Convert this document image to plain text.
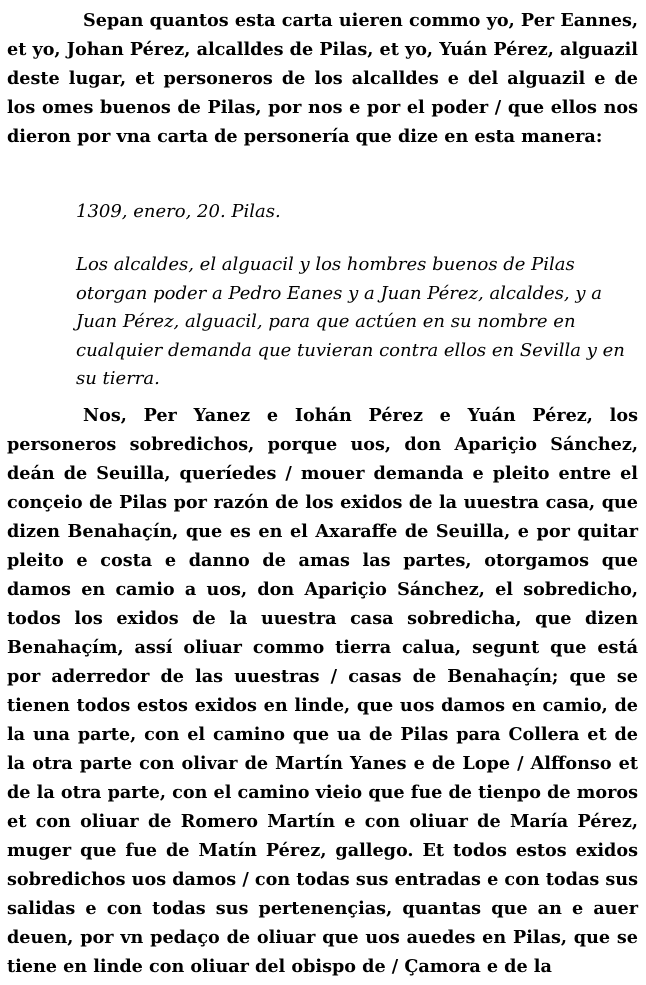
Sepan quantos esta carta uieren commo yo, Per Eannes, et yo, Johan Pérez, alcalldes de Pilas, et yo, Yuán Pérez, alguazil deste lugar, et personeros de los alcalldes e del alguazil e de los omes buenos de Pilas, por nos e por el poder / que ellos nos dieron por vna carta de personería que dize en esta manera:

1309, enero, 20. Pilas.

Los alcaldes, el alguacil y los hombres buenos de Pilas otorgan poder a Pedro Eanes y a Juan Pérez, alcaldes, y a Juan Pérez, alguacil, para que actúen en su nombre en cualquier demanda que tuvieran contra ellos en Sevilla y en su tierra.

Nos, Per Yanez e Iohán Pérez e Yuán Pérez, los personeros sobredichos, porque uos, don Apariçio Sánchez, deán de Seuilla, queríedes / mouer demanda e pleito entre el conçeio de Pilas por razón de los exidos de la uuestra casa, que dizen Benahaçín, que es en el Axaraffe de Seuilla, e por quitar pleito e costa e danno de amas las partes, otorgamos que damos en camio a uos, don Apariçio Sánchez, el sobredicho, todos los exidos de la uuestra casa sobredicha, que dizen Benahaçím, assí oliuar commo tierra calua, segunt que está por aderredor de las uuestras / casas de Benahaçín; que se tienen todos estos exidos en linde, que uos damos en camio, de la una parte, con el camino que ua de Pilas para Collera et de la otra parte con olivar de Martín Yanes e de Lope / Alffonso et de la otra parte, con el camino vieio que fue de tienpo de moros et con oliuar de Romero Martín e con oliuar de María Pérez, muger que fue de Matín Pérez, gallego. Et todos estos exidos sobredichos uos damos / con todas sus entradas e con todas sus salidas e con todas sus pertenençias, quantas que an e auer deuen, por vn pedaço de oliuar que uos auedes en Pilas, que se tiene en linde con oliuar del obispo de / Çamora e de la
